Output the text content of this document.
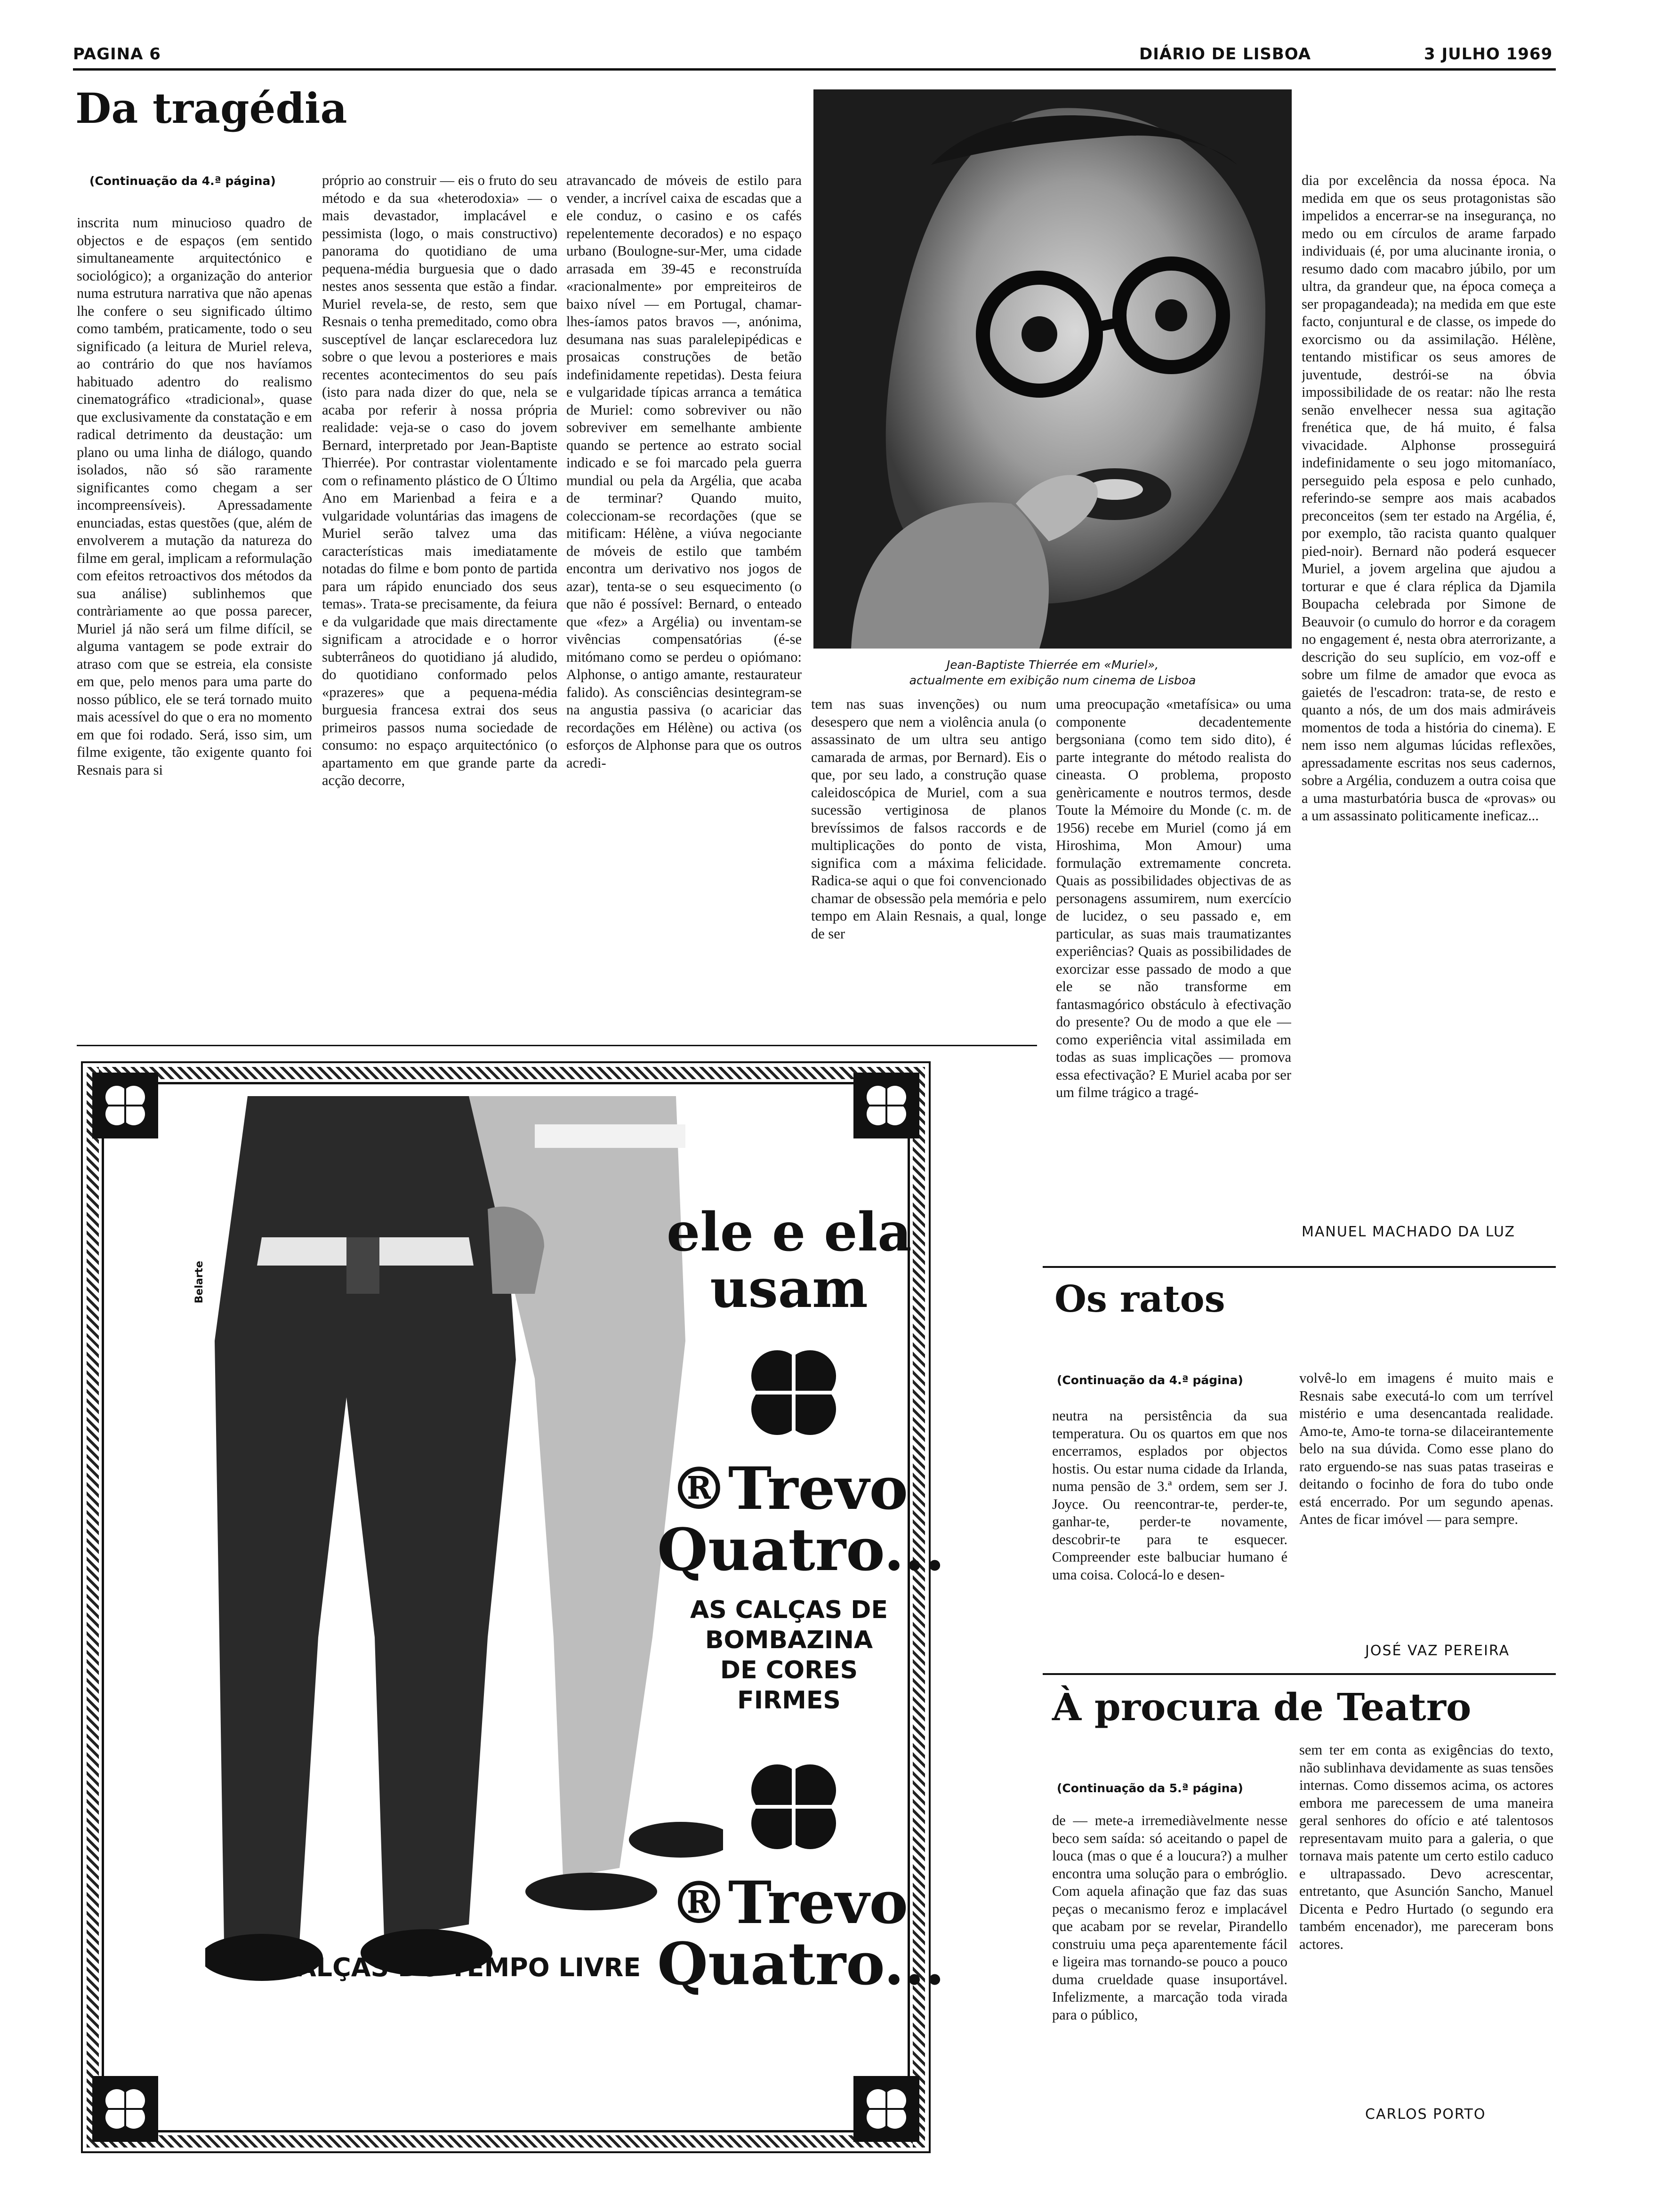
PAGINA 6	DIÁRIO DE LISBOA	3 JULHO 1969
Da tragédia
(Continuação da 4.ª página)

inscrita num minucioso quadro de objectos e de espaços (em sentido simultaneamente arquitectónico e sociológico); a organização do anterior numa estrutura narrativa que não apenas lhe confere o seu significado último como também, praticamente, todo o seu significado (a leitura de Muriel releva, ao contrário do que nos havíamos habituado adentro do realismo cinematográfico «tradicional», quase que exclusivamente da constatação e em radical detrimento da deustação: um plano ou uma linha de diálogo, quando isolados, não só são raramente significantes como chegam a ser incompreensíveis). Apressadamente enunciadas, estas questões (que, além de envolverem a mutação da natureza do filme em geral, implicam a reformulação com efeitos retroactivos dos métodos da sua análise) sublinhemos que contràriamente ao que possa parecer, Muriel já não será um filme difícil, se alguma vantagem se pode extrair do atraso com que se estreia, ela consiste em que, pelo menos para uma parte do nosso público, ele se terá tornado muito mais acessível do que o era no momento em que foi rodado. Será, isso sim, um filme exigente, tão exigente quanto foi Resnais para si

próprio ao construir — eis o fruto do seu método e da sua «heterodoxia» — o mais devastador, implacável e pessimista (logo, o mais constructivo) panorama do quotidiano de uma pequena-média burguesia que o dado nestes anos sessenta que estão a findar. Muriel revela-se, de resto, sem que Resnais o tenha premeditado, como obra susceptível de lançar esclarecedora luz sobre o que levou a posteriores e mais recentes acontecimentos do seu país (isto para nada dizer do que, nela se acaba por referir à nossa própria realidade: veja-se o caso do jovem Bernard, interpretado por Jean-Baptiste Thierrée). Por contrastar violentamente com o refinamento plástico de O Último Ano em Marienbad a feira e a vulgaridade voluntárias das imagens de Muriel serão talvez uma das características mais imediatamente notadas do filme e bom ponto de partida para um rápido enunciado dos seus temas». Trata-se precisamente, da feiura e da vulgaridade que mais directamente significam a atrocidade e o horror subterrâneos do quotidiano já aludido, do quotidiano conformado pelos «prazeres» que a pequena-média burguesia francesa extrai dos seus primeiros passos numa sociedade de consumo: no espaço arquitectónico (o apartamento em que grande parte da acção decorre,

atravancado de móveis de estilo para vender, a incrível caixa de escadas que a ele conduz, o casino e os cafés repelentemente decorados) e no espaço urbano (Boulogne-sur-Mer, uma cidade arrasada em 39-45 e reconstruída «racionalmente» por empreiteiros de baixo nível — em Portugal, chamar-lhes-íamos patos bravos —, anónima, desumana nas suas paralelepipédicas e prosaicas construções de betão indefinidamente repetidas). Desta feiura e vulgaridade típicas arranca a temática de Muriel: como sobreviver ou não sobreviver em semelhante ambiente quando se pertence ao estrato social indicado e se foi marcado pela guerra mundial ou pela da Argélia, que acaba de terminar? Quando muito, coleccionam-se recordações (que se mitificam: Hélène, a viúva negociante de móveis de estilo que também encontra um derivativo nos jogos de azar), tenta-se o seu esquecimento (o que não é possível: Bernard, o enteado que «fez» a Argélia) ou inventam-se vivências compensatórias (é-se mitómano como se perdeu o opiómano: Alphonse, o antigo amante, restaurateur falido). As consciências desintegram-se na angustia passiva (o acariciar das recordações em Hélène) ou activa (os esforços de Alphonse para que os outros acredi-

Jean-Baptiste Thierrée em «Muriel»,
actualmente em exibição num cinema de Lisboa

tem nas suas invenções) ou num desespero que nem a violência anula (o assassinato de um ultra seu antigo camarada de armas, por Bernard). Eis o que, por seu lado, a construção quase caleidoscópica de Muriel, com a sua sucessão vertiginosa de planos brevíssimos de falsos raccords e de multiplicações do ponto de vista, significa com a máxima felicidade. Radica-se aqui o que foi convencionado chamar de obsessão pela memória e pelo tempo em Alain Resnais, a qual, longe de ser

uma preocupação «metafísica» ou uma componente decadentemente bergsoniana (como tem sido dito), é parte integrante do método realista do cineasta. O problema, proposto genèricamente e noutros termos, desde Toute la Mémoire du Monde (c. m. de 1956) recebe em Muriel (como já em Hiroshima, Mon Amour) uma formulação extremamente concreta. Quais as possibilidades objectivas de as personagens assumirem, num exercício de lucidez, o seu passado e, em particular, as suas mais traumatizantes experiências? Quais as possibilidades de exorcizar esse passado de modo a que ele se não transforme em fantasmagórico obstáculo à efectivação do presente? Ou de modo a que ele — como experiência vital assimilada em todas as suas implicações — promova essa efectivação? E Muriel acaba por ser um filme trágico a tragé-

dia por excelência da nossa época. Na medida em que os seus protagonistas são impelidos a encerrar-se na insegurança, no medo ou em círculos de arame farpado individuais (é, por uma alucinante ironia, o resumo dado com macabro júbilo, por um ultra, da grandeur que, na época começa a ser propagandeada); na medida em que este facto, conjuntural e de classe, os impede do exorcismo ou da assimilação. Hélène, tentando mistificar os seus amores de juventude, destrói-se na óbvia impossibilidade de os reatar: não lhe resta senão envelhecer nessa sua agitação frenética que, de há muito, é falsa vivacidade. Alphonse prosseguirá indefinidamente o seu jogo mitomaníaco, perseguido pela esposa e pelo cunhado, referindo-se sempre aos mais acabados preconceitos (sem ter estado na Argélia, é, por exemplo, tão racista quanto qualquer pied-noir). Bernard não poderá esquecer Muriel, a jovem argelina que ajudou a torturar e que é clara réplica da Djamila Boupacha celebrada por Simone de Beauvoir (o cumulo do horror e da coragem no engagement é, nesta obra aterrorizante, a descrição do seu suplício, em voz-off e sobre um filme de amador que evoca as gaietés de l'escadron: trata-se, de resto e quanto a nós, de um dos mais admiráveis momentos de toda a história do cinema). E nem isso nem algumas lúcidas reflexões, apressadamente escritas nos seus cadernos, sobre a Argélia, conduzem a outra coisa que a uma masturbatória busca de «provas» ou a um assassinato politicamente ineficaz...

MANUEL MACHADO DA LUZ
Os ratos
(Continuação da 4.ª página)

neutra na persistência da sua temperatura. Ou os quartos em que nos encerramos, esplados por objectos hostis. Ou estar numa cidade da Irlanda, numa pensão de 3.ª ordem, sem ser J. Joyce. Ou reencontrar-te, perder-te, ganhar-te, perder-te novamente, descobrir-te para te esquecer. Compreender este balbuciar humano é uma coisa. Colocá-lo e desen-

volvê-lo em imagens é muito mais e Resnais sabe executá-lo com um terrível mistério e uma desencantada realidade. Amo-te, Amo-te torna-se dilaceirantemente belo na sua dúvida. Como esse plano do rato erguendo-se nas suas patas traseiras e deitando o focinho de fora do tubo onde está encerrado. Por um segundo apenas. Antes de ficar imóvel — para sempre.

JOSÉ VAZ PEREIRA
À procura de Teatro
(Continuação da 5.ª página)

de — mete-a irremediàvelmente nesse beco sem saída: só aceitando o papel de louca (mas o que é a loucura?) a mulher encontra uma solução para o embróglio. Com aquela afinação que faz das suas peças o mecanismo feroz e implacável que acabam por se revelar, Pirandello construiu uma peça aparentemente fácil e ligeira mas tornando-se pouco a pouco duma crueldade quase insuportável. Infelizmente, a marcação toda virada para o público,

sem ter em conta as exigências do texto, não sublinhava devidamente as suas tensões internas. Como dissemos acima, os actores embora me parecessem de uma maneira geral senhores do ofício e até talentosos representavam muito para a galeria, o que tornava mais patente um certo estilo caduco e ultrapassado. Devo acrescentar, entretanto, que Asunción Sancho, Manuel Dicenta e Pedro Hurtado (o segundo era também encenador), me pareceram bons actores.

CARLOS PORTO
Belarte
ele e ela
usam
®Trevo
Quatro...
AS CALÇAS DE
BOMBAZINA
DE CORES
FIRMES
®Trevo
Quatro...
AS CALÇAS DO TEMPO LIVRE
